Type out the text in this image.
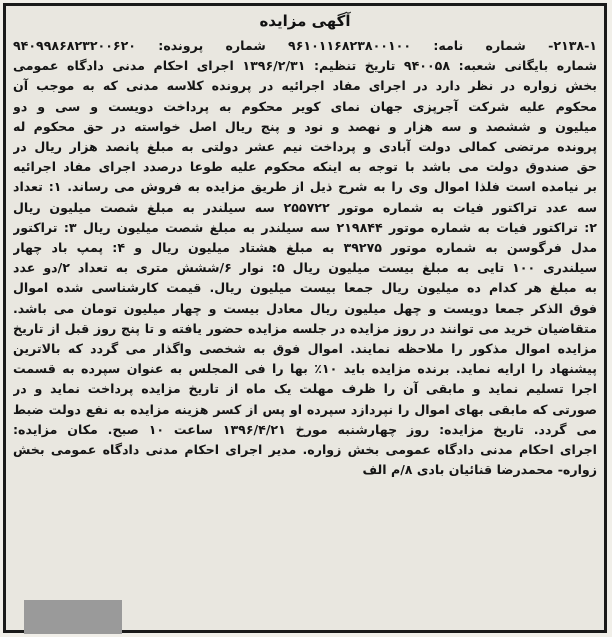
آگهی مزایده
۲۱۳۸-۱- شماره نامه: ۹۶۱۰۱۱۶۸۲۳۸۰۰۱۰۰ شماره پرونده: ۹۴۰۹۹۸۶۸۲۳۲۰۰۶۲۰
شماره بایگانی شعبه: ۹۴۰۰۵۸ تاریخ تنظیم: ۱۳۹۶/۲/۳۱ اجرای احکام مدنی دادگاه عمومی
بخش زواره در نظر دارد در اجرای مفاد اجرائیه در پرونده کلاسه مدنی که به موجب آن
محکوم علیه شرکت آجرپزی جهان نمای کویر محکوم به پرداخت دویست و سی و دو
میلیون و ششصد و سه هزار و نهصد و نود و پنج ریال اصل خواسته در حق محکوم له
پرونده مرتضی کمالی دولت آبادی و پرداخت نیم عشر دولتی به مبلغ پانصد هزار ریال در
حق صندوق دولت می باشد با توجه به اینکه محکوم علیه طوعا درصدد اجرای مفاد اجرائیه
بر نیامده است فلذا اموال وی را به شرح ذیل از طریق مزایده به فروش می رساند. ۱: تعداد
سه عدد تراکتور فیات به شماره موتور ۲۵۵۷۲۲ سه سیلندر به مبلغ شصت میلیون ریال
۲: تراکتور فیات به شماره موتور ۲۱۹۸۴۴ سه سیلندر به مبلغ شصت میلیون ریال ۳: تراکتور
مدل فرگوسن به شماره موتور ۳۹۲۷۵ به مبلغ هشتاد میلیون ریال و ۴: پمپ باد چهار
سیلندری ۱۰۰ تایی به مبلغ بیست میلیون ریال ۵: نوار ۶/ششش متری به تعداد ۲/دو عدد
به مبلغ هر کدام ده میلیون ریال جمعا بیست میلیون ریال. قیمت کارشناسی شده اموال
فوق الذکر جمعا دویست و چهل میلیون ریال معادل بیست و چهار میلیون تومان می باشد.
متقاضیان خرید می توانند در روز مزایده در جلسه مزایده حضور یافته و تا پنج روز قبل از تاریخ
مزایده اموال مذکور را ملاحظه نمایند. اموال فوق به شخصی واگذار می گردد که بالاترین
پیشنهاد را ارایه نماید. برنده مزایده باید ۱۰٪ بها را فی المجلس به عنوان سپرده به قسمت
اجرا تسلیم نماید و مابقی آن را ظرف مهلت یک ماه از تاریخ مزایده پرداخت نماید و در
صورتی که مابقی بهای اموال را نپردازد سپرده او پس از کسر هزینه مزایده به نفع دولت ضبط
می گردد. تاریخ مزایده: روز چهارشنبه مورخ ۱۳۹۶/۴/۲۱ ساعت ۱۰ صبح. مکان مزایده:
اجرای احکام مدنی دادگاه عمومی بخش زواره. مدیر اجرای احکام مدنی دادگاه عمومی بخش
زواره- محمدرضا قنائیان بادی ۸/م الف
